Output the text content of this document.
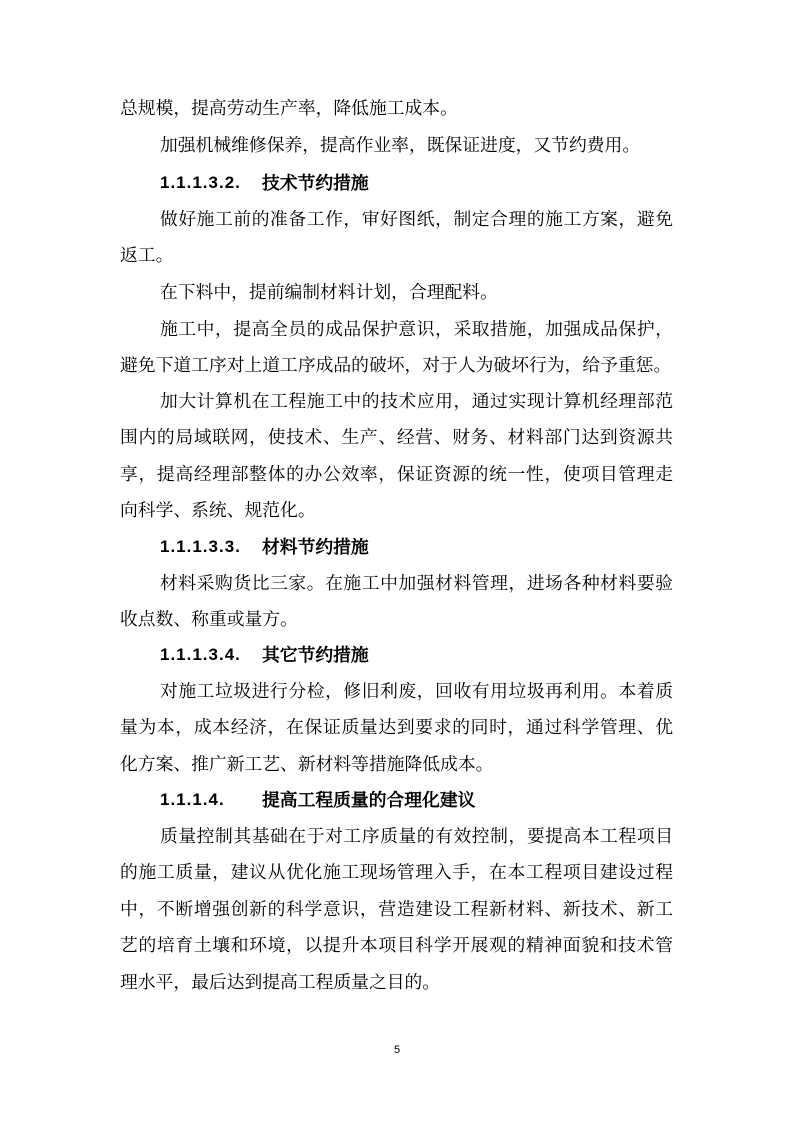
总规模，提高劳动生产率，降低施工成本。
加强机械维修保养，提高作业率，既保证进度，又节约费用。
1.1.1.3.2. 技术节约措施
做好施工前的准备工作，审好图纸，制定合理的施工方案，避免
返工。
在下料中，提前编制材料计划，合理配料。
施工中，提高全员的成品保护意识，采取措施，加强成品保护，
避免下道工序对上道工序成品的破坏，对于人为破坏行为，给予重惩。
加大计算机在工程施工中的技术应用，通过实现计算机经理部范
围内的局域联网，使技术、生产、经营、财务、材料部门达到资源共
享，提高经理部整体的办公效率，保证资源的统一性，使项目管理走
向科学、系统、规范化。
1.1.1.3.3. 材料节约措施
材料采购货比三家。在施工中加强材料管理，进场各种材料要验
收点数、称重或量方。
1.1.1.3.4. 其它节约措施
对施工垃圾进行分检，修旧利废，回收有用垃圾再利用。本着质
量为本，成本经济，在保证质量达到要求的同时，通过科学管理、优
化方案、推广新工艺、新材料等措施降低成本。
1.1.1.4. 提高工程质量的合理化建议
质量控制其基础在于对工序质量的有效控制，要提高本工程项目
的施工质量，建议从优化施工现场管理入手，在本工程项目建设过程
中，不断增强创新的科学意识，营造建设工程新材料、新技术、新工
艺的培育土壤和环境，以提升本项目科学开展观的精神面貌和技术管
理水平，最后达到提高工程质量之目的。
5
